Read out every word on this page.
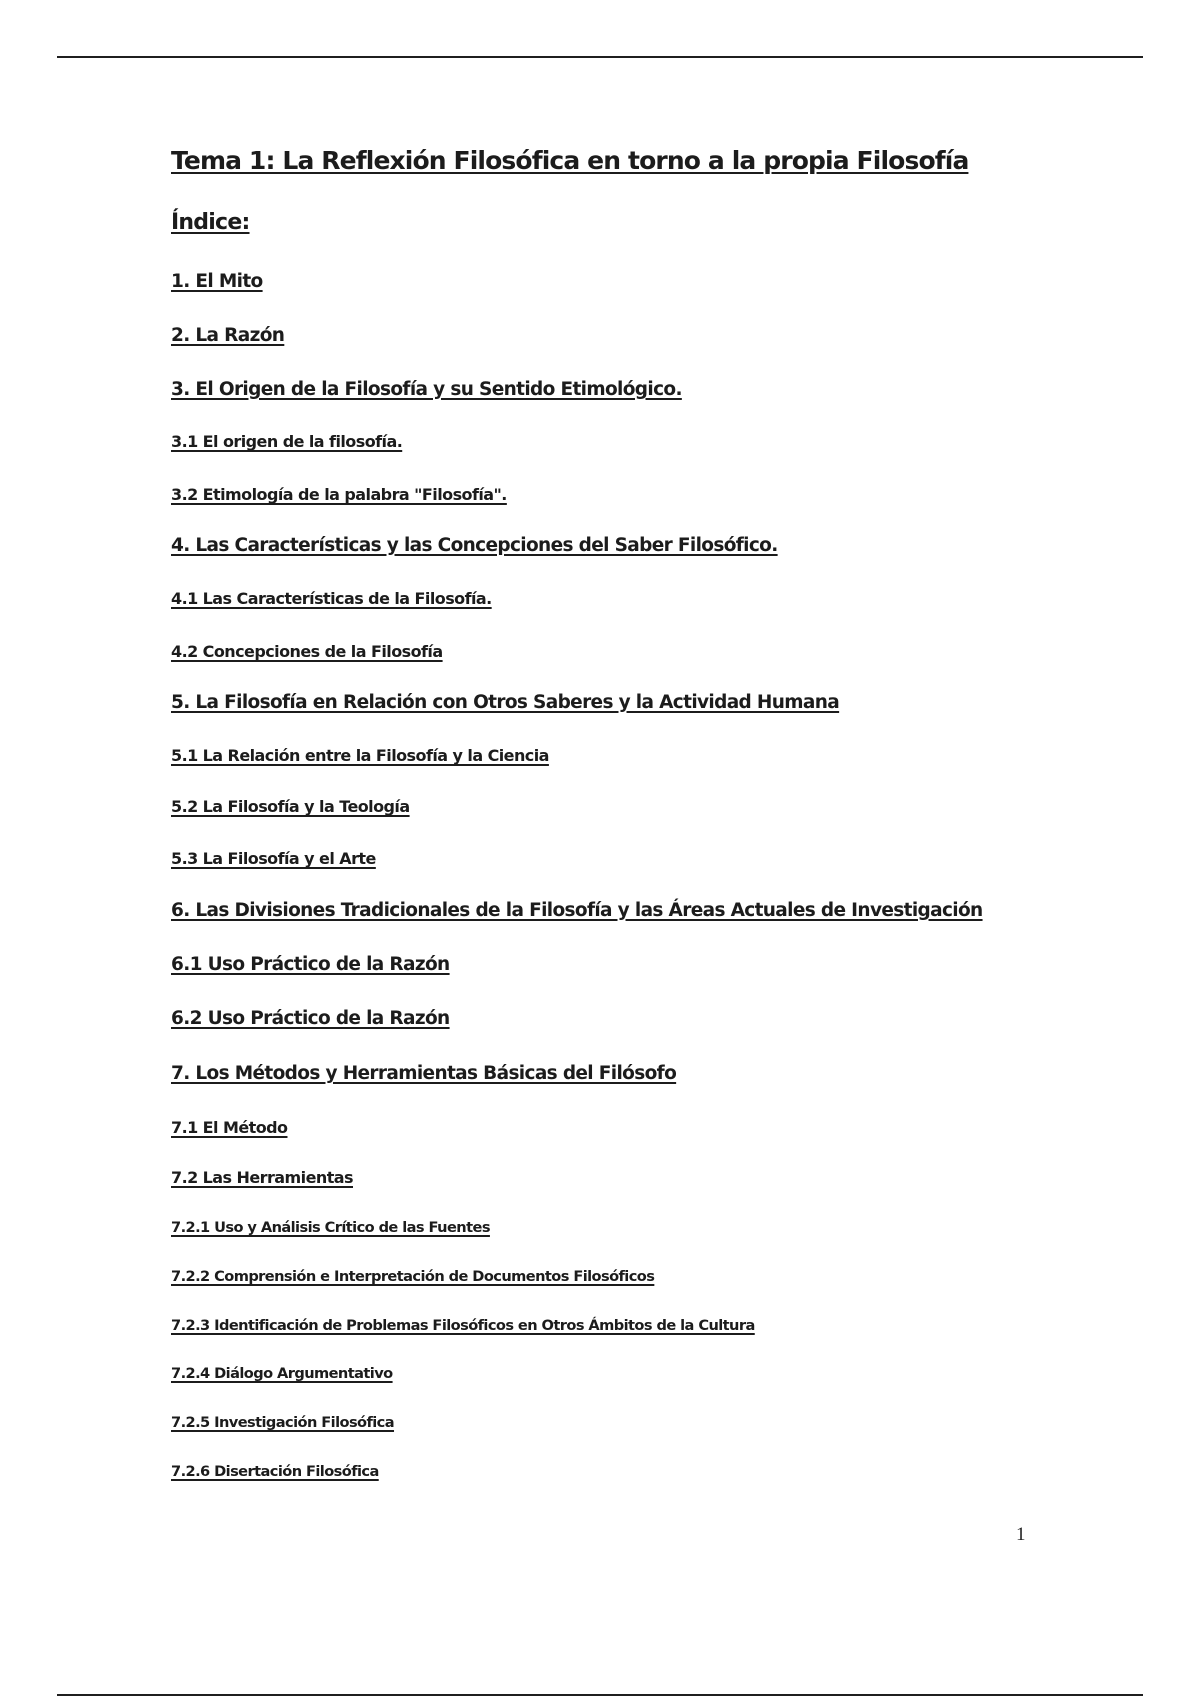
Tema 1: La Reflexión Filosófica en torno a la propia Filosofía
Índice:
1. El Mito
2. La Razón
3. El Origen de la Filosofía y su Sentido Etimológico.
3.1 El origen de la filosofía.
3.2 Etimología de la palabra "Filosofía".
4. Las Características y las Concepciones del Saber Filosófico.
4.1 Las Características de la Filosofía.
4.2 Concepciones de la Filosofía
5. La Filosofía en Relación con Otros Saberes y la Actividad Humana
5.1 La Relación entre la Filosofía y la Ciencia
5.2 La Filosofía y la Teología
5.3 La Filosofía y el Arte
6. Las Divisiones Tradicionales de la Filosofía y las Áreas Actuales de Investigación
6.1 Uso Práctico de la Razón
6.2 Uso Práctico de la Razón
7. Los Métodos y Herramientas Básicas del Filósofo
7.1 El Método
7.2 Las Herramientas
7.2.1 Uso y Análisis Crítico de las Fuentes
7.2.2 Comprensión e Interpretación de Documentos Filosóficos
7.2.3 Identificación de Problemas Filosóficos en Otros Ámbitos de la Cultura
7.2.4 Diálogo Argumentativo
7.2.5 Investigación Filosófica
7.2.6 Disertación Filosófica
1
